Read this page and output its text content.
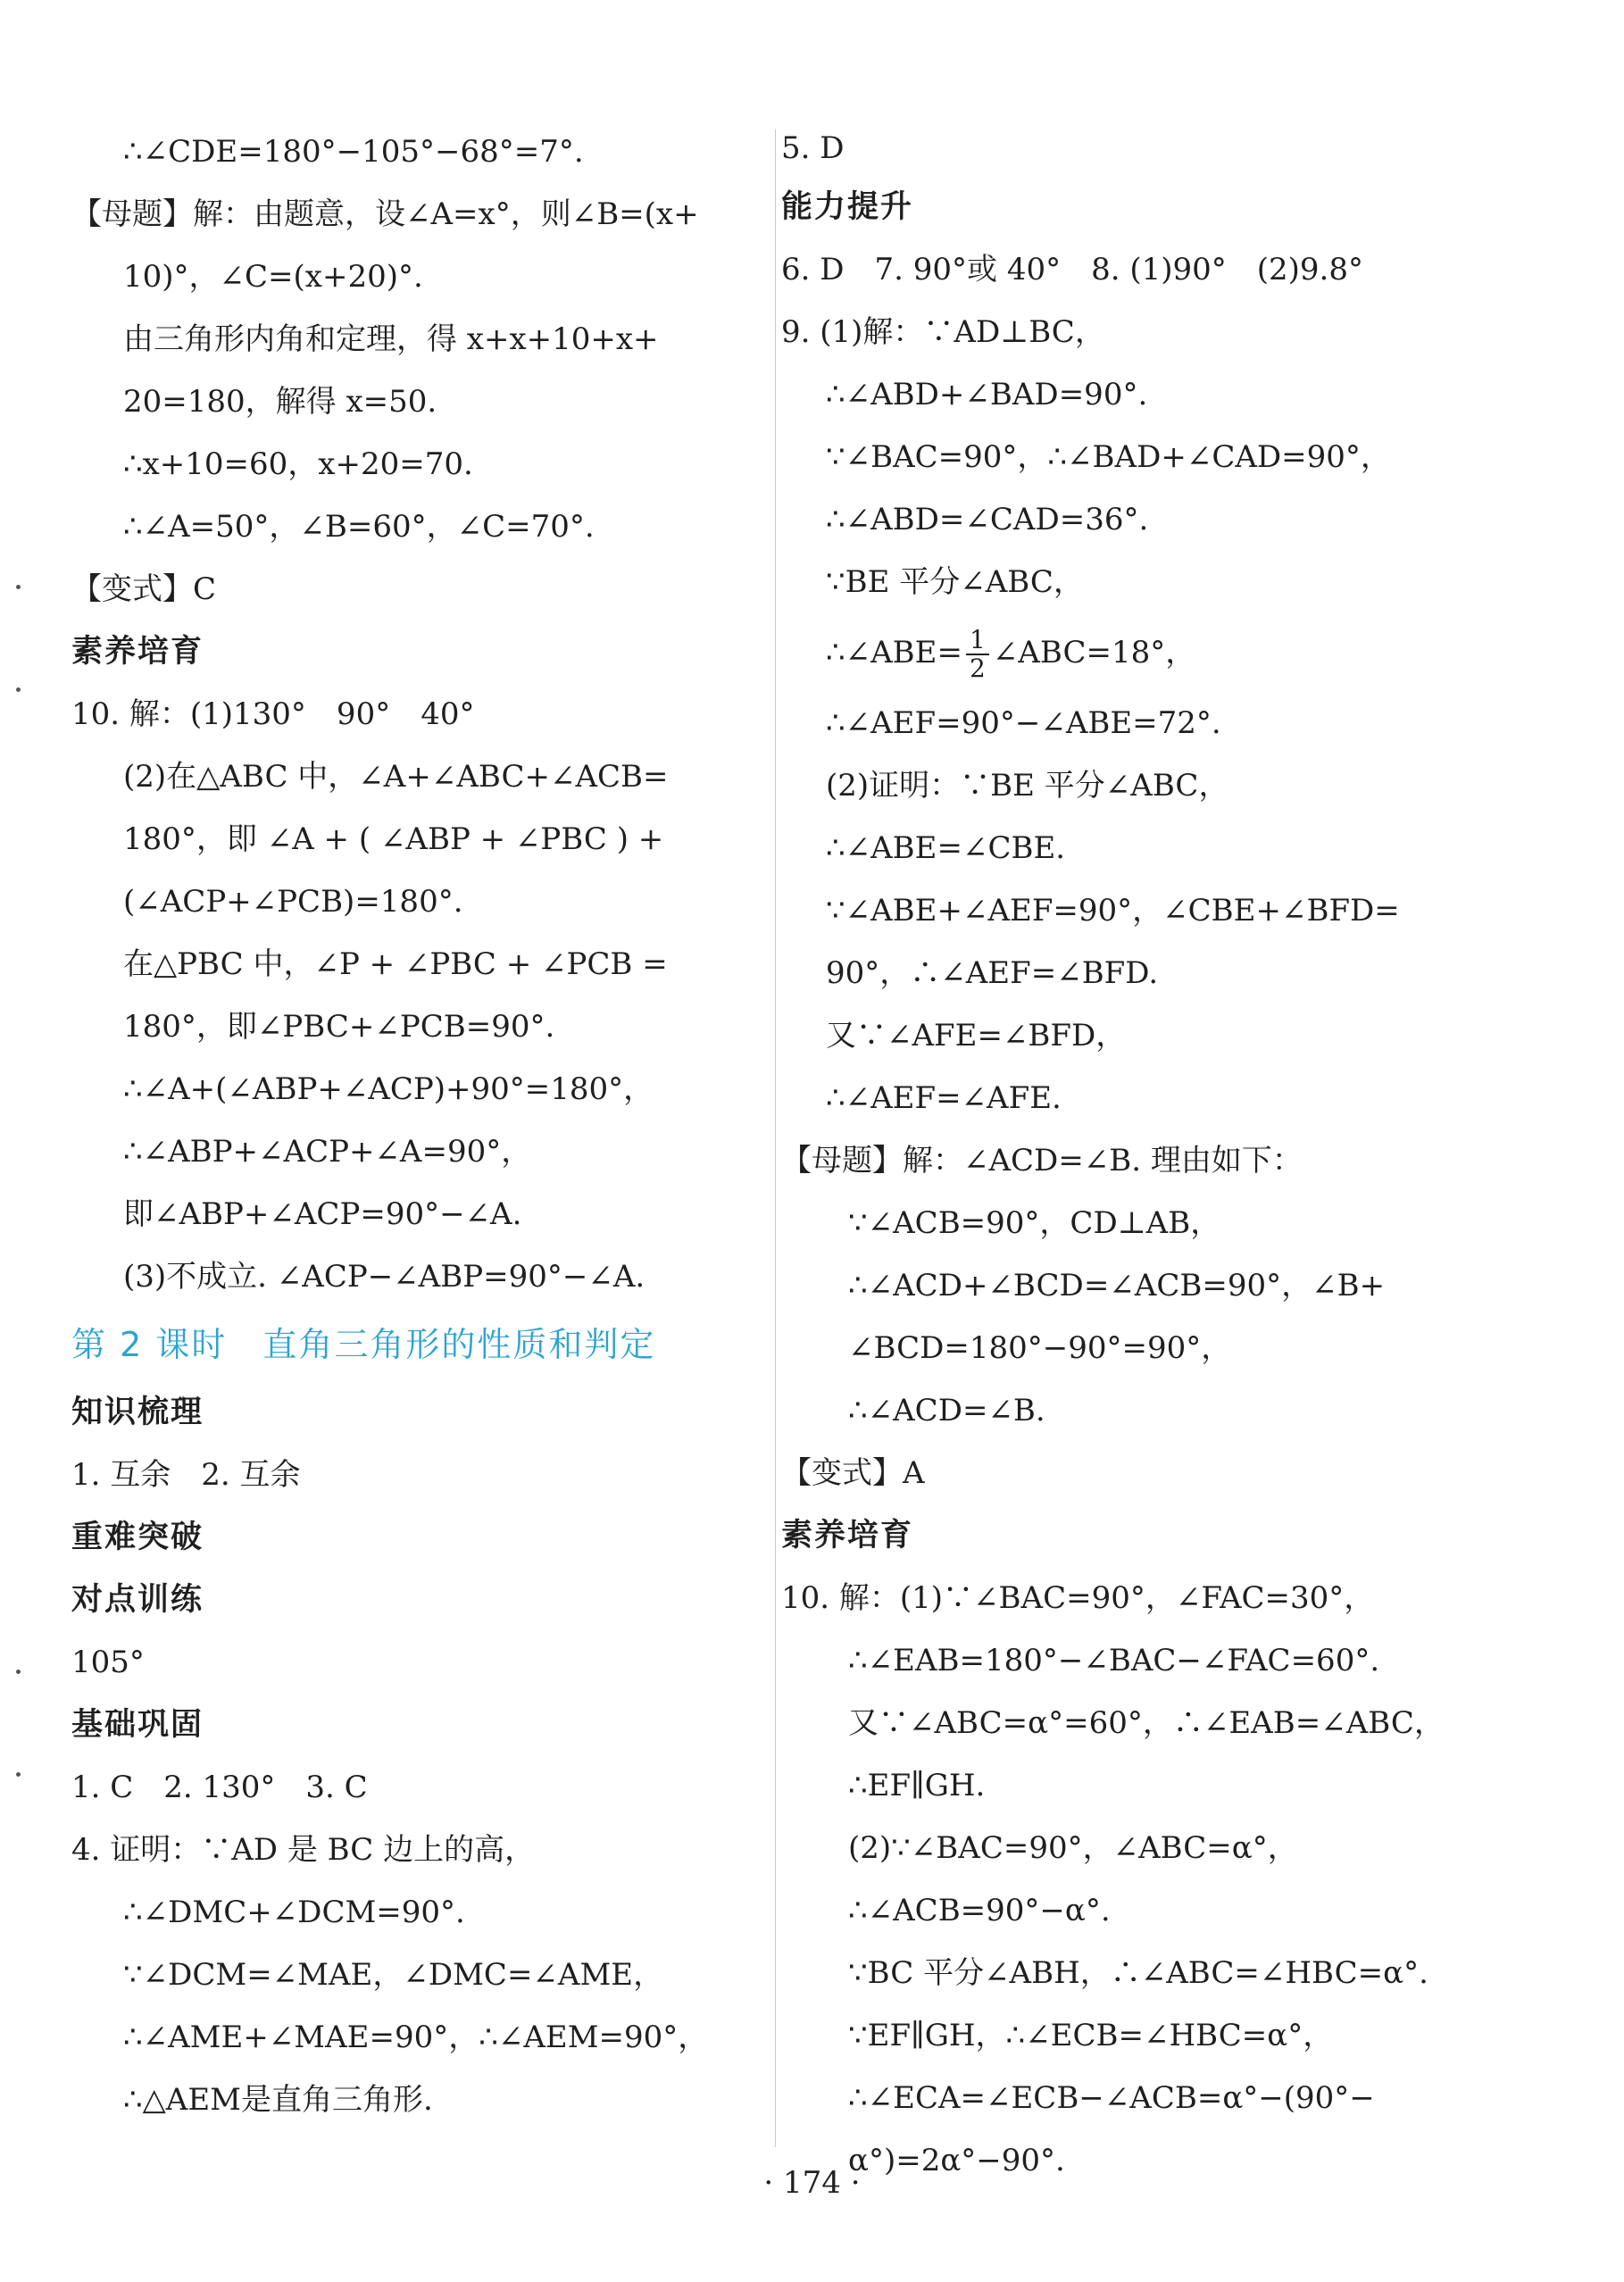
∴∠CDE=180°−105°−68°=7°.
【母题】解：由题意，设∠A=x°，则∠B=(x+
10)°，∠C=(x+20)°.
由三角形内角和定理，得 x+x+10+x+
20=180，解得 x=50.
∴x+10=60，x+20=70.
∴∠A=50°，∠B=60°，∠C=70°.
【变式】C
素养培育
10. 解：(1)130°　90°　40°
(2)在△ABC 中，∠A+∠ABC+∠ACB=
180°，即 ∠A + ( ∠ABP + ∠PBC ) +
(∠ACP+∠PCB)=180°.
在△PBC 中，∠P + ∠PBC + ∠PCB =
180°，即∠PBC+∠PCB=90°.
∴∠A+(∠ABP+∠ACP)+90°=180°，
∴∠ABP+∠ACP+∠A=90°，
即∠ABP+∠ACP=90°−∠A.
(3)不成立. ∠ACP−∠ABP=90°−∠A.
第 2 课时　直角三角形的性质和判定
知识梳理
1. 互余　2. 互余
重难突破
对点训练
105°
基础巩固
1. C　2. 130°　3. C
4. 证明：∵AD 是 BC 边上的高，
∴∠DMC+∠DCM=90°.
∵∠DCM=∠MAE，∠DMC=∠AME，
∴∠AME+∠MAE=90°，∴∠AEM=90°，
∴△AEM是直角三角形.
5. D
能力提升
6. D　7. 90°或 40°　8. (1)90°　(2)9.8°
9. (1)解：∵AD⊥BC，
∴∠ABD+∠BAD=90°.
∵∠BAC=90°，∴∠BAD+∠CAD=90°，
∴∠ABD=∠CAD=36°.
∵BE 平分∠ABC，
∴∠ABE= $\frac{1}{2}$ ∠ABC=18°，
∴∠AEF=90°−∠ABE=72°.
(2)证明：∵BE 平分∠ABC，
∴∠ABE=∠CBE.
∵∠ABE+∠AEF=90°，∠CBE+∠BFD=
90°，∴∠AEF=∠BFD.
又∵∠AFE=∠BFD，
∴∠AEF=∠AFE.
【母题】解：∠ACD=∠B. 理由如下：
∵∠ACB=90°，CD⊥AB，
∴∠ACD+∠BCD=∠ACB=90°，∠B+
∠BCD=180°−90°=90°，
∴∠ACD=∠B.
【变式】A
素养培育
10. 解：(1)∵∠BAC=90°，∠FAC=30°，
∴∠EAB=180°−∠BAC−∠FAC=60°.
又∵∠ABC=α°=60°，∴∠EAB=∠ABC，
∴EF∥GH.
(2)∵∠BAC=90°，∠ABC=α°，
∴∠ACB=90°−α°.
∵BC 平分∠ABH，∴∠ABC=∠HBC=α°.
∵EF∥GH，∴∠ECB=∠HBC=α°，
∴∠ECA=∠ECB−∠ACB=α°−(90°−
α°)=2α°−90°.
· 174 ·
